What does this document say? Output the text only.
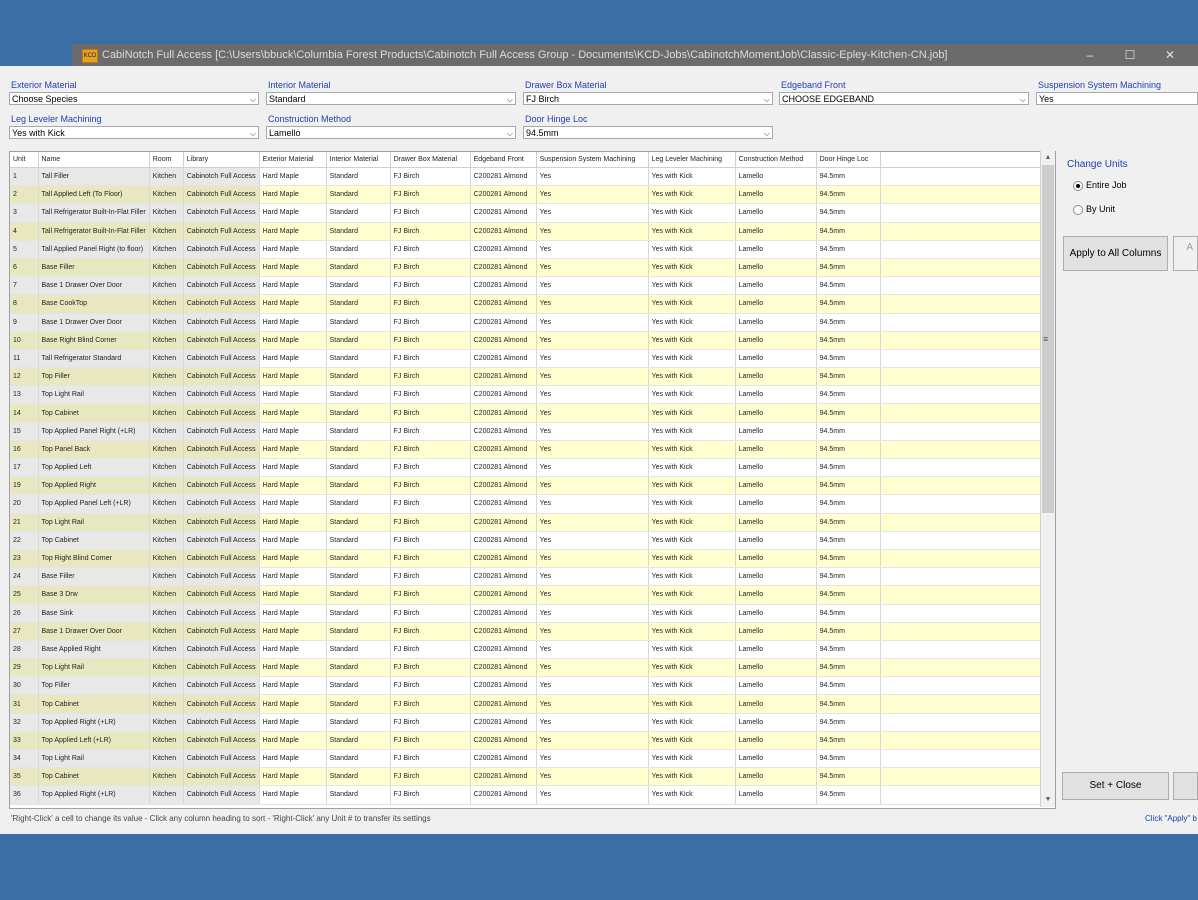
KCD CabiNotch Full Access [C:\Users\bbuck\Columbia Forest Products\Cabinotch Full Access Group - Documents\KCD-Jobs\CabinotchMomentJob\Classic-Epley-Kitchen-CN.job]	–	☐	✕
Exterior Material
Choose Species	⌵
Interior Material
Standard	⌵
Drawer Box Material
FJ Birch	⌵
Edgeband Front
CHOOSE EDGEBAND	⌵
Suspension System Machining
Yes
Leg Leveler Machining
Yes with Kick	⌵
Construction Method
Lamello	⌵
Door Hinge Loc
94.5mm	⌵
Unit	Name	Room	Library	Exterior Material	Interior Material	Drawer Box Material	Edgeband Front	Suspension System Machining	Leg Leveler Machining	Construction Method	Door Hinge Loc	
1	Tall Filler	Kitchen	Cabinotch Full Access	Hard Maple	Standard	FJ Birch	C200281 Almond	Yes	Yes with Kick	Lamello	94.5mm	
2	Tall Applied Left (To Floor)	Kitchen	Cabinotch Full Access	Hard Maple	Standard	FJ Birch	C200281 Almond	Yes	Yes with Kick	Lamello	94.5mm	
3	Tall Refrigerator Built-In-Flat Filler	Kitchen	Cabinotch Full Access	Hard Maple	Standard	FJ Birch	C200281 Almond	Yes	Yes with Kick	Lamello	94.5mm	
4	Tall Refrigerator Built-In-Flat Filler	Kitchen	Cabinotch Full Access	Hard Maple	Standard	FJ Birch	C200281 Almond	Yes	Yes with Kick	Lamello	94.5mm	
5	Tall Applied Panel Right (to floor)	Kitchen	Cabinotch Full Access	Hard Maple	Standard	FJ Birch	C200281 Almond	Yes	Yes with Kick	Lamello	94.5mm	
6	Base Filler	Kitchen	Cabinotch Full Access	Hard Maple	Standard	FJ Birch	C200281 Almond	Yes	Yes with Kick	Lamello	94.5mm	
7	Base 1 Drawer Over Door	Kitchen	Cabinotch Full Access	Hard Maple	Standard	FJ Birch	C200281 Almond	Yes	Yes with Kick	Lamello	94.5mm	
8	Base CookTop	Kitchen	Cabinotch Full Access	Hard Maple	Standard	FJ Birch	C200281 Almond	Yes	Yes with Kick	Lamello	94.5mm	
9	Base 1 Drawer Over Door	Kitchen	Cabinotch Full Access	Hard Maple	Standard	FJ Birch	C200281 Almond	Yes	Yes with Kick	Lamello	94.5mm	
10	Base Right Blind Corner	Kitchen	Cabinotch Full Access	Hard Maple	Standard	FJ Birch	C200281 Almond	Yes	Yes with Kick	Lamello	94.5mm	
11	Tall Refrigerator Standard	Kitchen	Cabinotch Full Access	Hard Maple	Standard	FJ Birch	C200281 Almond	Yes	Yes with Kick	Lamello	94.5mm	
12	Top Filler	Kitchen	Cabinotch Full Access	Hard Maple	Standard	FJ Birch	C200281 Almond	Yes	Yes with Kick	Lamello	94.5mm	
13	Top Light Rail	Kitchen	Cabinotch Full Access	Hard Maple	Standard	FJ Birch	C200281 Almond	Yes	Yes with Kick	Lamello	94.5mm	
14	Top Cabinet	Kitchen	Cabinotch Full Access	Hard Maple	Standard	FJ Birch	C200281 Almond	Yes	Yes with Kick	Lamello	94.5mm	
15	Top Applied Panel Right (+LR)	Kitchen	Cabinotch Full Access	Hard Maple	Standard	FJ Birch	C200281 Almond	Yes	Yes with Kick	Lamello	94.5mm	
16	Top Panel Back	Kitchen	Cabinotch Full Access	Hard Maple	Standard	FJ Birch	C200281 Almond	Yes	Yes with Kick	Lamello	94.5mm	
17	Top Applied Left	Kitchen	Cabinotch Full Access	Hard Maple	Standard	FJ Birch	C200281 Almond	Yes	Yes with Kick	Lamello	94.5mm	
19	Top Applied Right	Kitchen	Cabinotch Full Access	Hard Maple	Standard	FJ Birch	C200281 Almond	Yes	Yes with Kick	Lamello	94.5mm	
20	Top Applied Panel Left (+LR)	Kitchen	Cabinotch Full Access	Hard Maple	Standard	FJ Birch	C200281 Almond	Yes	Yes with Kick	Lamello	94.5mm	
21	Top Light Rail	Kitchen	Cabinotch Full Access	Hard Maple	Standard	FJ Birch	C200281 Almond	Yes	Yes with Kick	Lamello	94.5mm	
22	Top Cabinet	Kitchen	Cabinotch Full Access	Hard Maple	Standard	FJ Birch	C200281 Almond	Yes	Yes with Kick	Lamello	94.5mm	
23	Top Right Blind Corner	Kitchen	Cabinotch Full Access	Hard Maple	Standard	FJ Birch	C200281 Almond	Yes	Yes with Kick	Lamello	94.5mm	
24	Base Filler	Kitchen	Cabinotch Full Access	Hard Maple	Standard	FJ Birch	C200281 Almond	Yes	Yes with Kick	Lamello	94.5mm	
25	Base 3 Drw	Kitchen	Cabinotch Full Access	Hard Maple	Standard	FJ Birch	C200281 Almond	Yes	Yes with Kick	Lamello	94.5mm	
26	Base Sink	Kitchen	Cabinotch Full Access	Hard Maple	Standard	FJ Birch	C200281 Almond	Yes	Yes with Kick	Lamello	94.5mm	
27	Base 1 Drawer Over Door	Kitchen	Cabinotch Full Access	Hard Maple	Standard	FJ Birch	C200281 Almond	Yes	Yes with Kick	Lamello	94.5mm	
28	Base Applied Right	Kitchen	Cabinotch Full Access	Hard Maple	Standard	FJ Birch	C200281 Almond	Yes	Yes with Kick	Lamello	94.5mm	
29	Top Light Rail	Kitchen	Cabinotch Full Access	Hard Maple	Standard	FJ Birch	C200281 Almond	Yes	Yes with Kick	Lamello	94.5mm	
30	Top Filler	Kitchen	Cabinotch Full Access	Hard Maple	Standard	FJ Birch	C200281 Almond	Yes	Yes with Kick	Lamello	94.5mm	
31	Top Cabinet	Kitchen	Cabinotch Full Access	Hard Maple	Standard	FJ Birch	C200281 Almond	Yes	Yes with Kick	Lamello	94.5mm	
32	Top Applied Right (+LR)	Kitchen	Cabinotch Full Access	Hard Maple	Standard	FJ Birch	C200281 Almond	Yes	Yes with Kick	Lamello	94.5mm	
33	Top Applied Left (+LR)	Kitchen	Cabinotch Full Access	Hard Maple	Standard	FJ Birch	C200281 Almond	Yes	Yes with Kick	Lamello	94.5mm	
34	Top Light Rail	Kitchen	Cabinotch Full Access	Hard Maple	Standard	FJ Birch	C200281 Almond	Yes	Yes with Kick	Lamello	94.5mm	
35	Top Cabinet	Kitchen	Cabinotch Full Access	Hard Maple	Standard	FJ Birch	C200281 Almond	Yes	Yes with Kick	Lamello	94.5mm	
36	Top Applied Right (+LR)	Kitchen	Cabinotch Full Access	Hard Maple	Standard	FJ Birch	C200281 Almond	Yes	Yes with Kick	Lamello	94.5mm	
▲
▼
≡
Change Units
Entire Job
By Unit
Apply to All Columns
A
Set + Close
'Right-Click' a cell to change its value - Click any column heading to sort - 'Right-Click' any Unit # to transfer its settings	Click "Apply" b
